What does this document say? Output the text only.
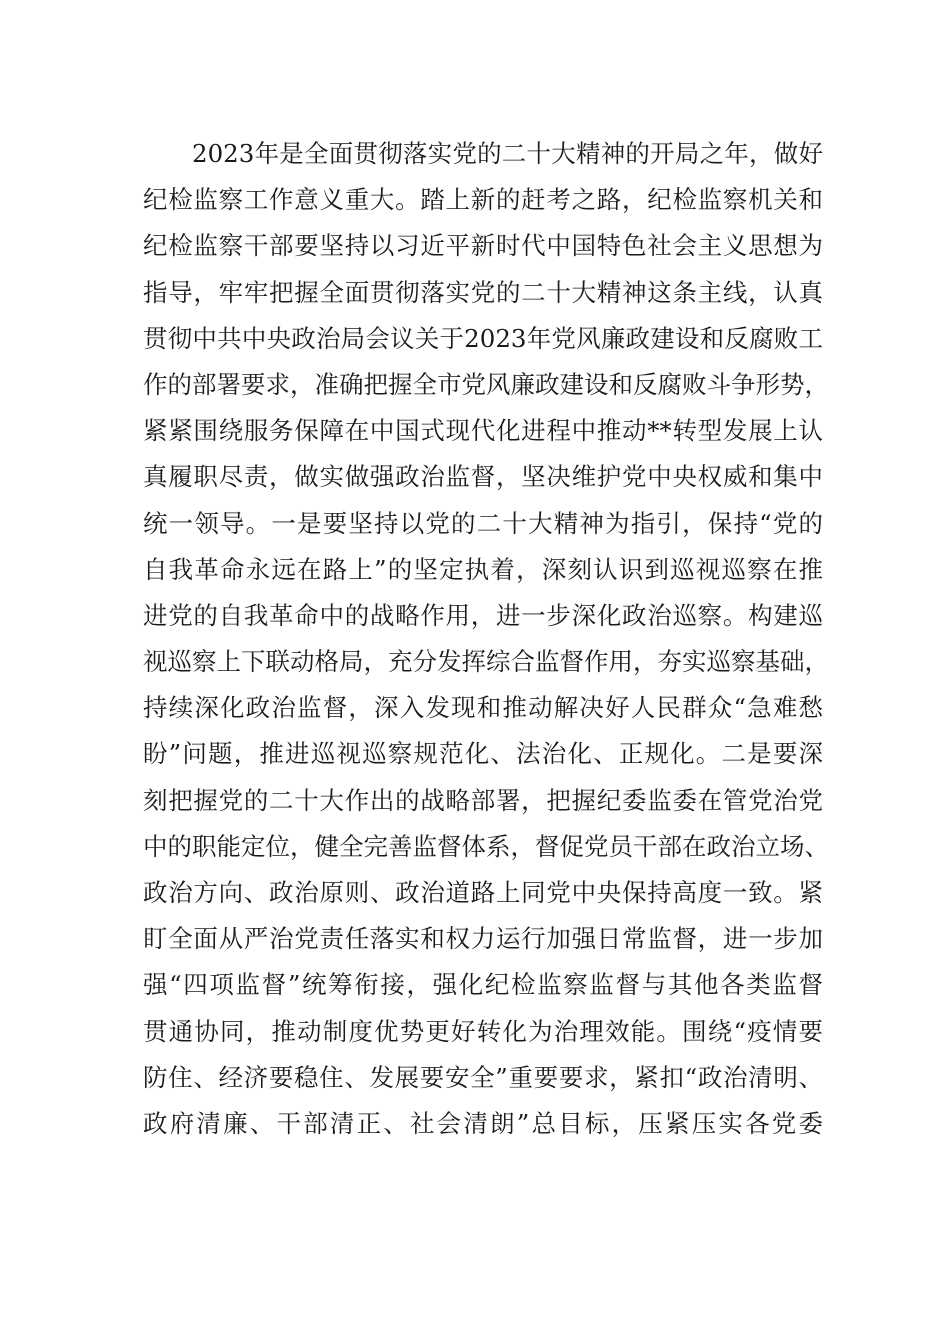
2023年是全面贯彻落实党的二十大精神的开局之年，做好
纪检监察工作意义重大。踏上新的赶考之路，纪检监察机关和
纪检监察干部要坚持以习近平新时代中国特色社会主义思想为
指导，牢牢把握全面贯彻落实党的二十大精神这条主线，认真
贯彻中共中央政治局会议关于2023年党风廉政建设和反腐败工
作的部署要求，准确把握全市党风廉政建设和反腐败斗争形势，
紧紧围绕服务保障在中国式现代化进程中推动**转型发展上认
真履职尽责，做实做强政治监督，坚决维护党中央权威和集中
统一领导。一是要坚持以党的二十大精神为指引，保持“党的
自我革命永远在路上”的坚定执着，深刻认识到巡视巡察在推
进党的自我革命中的战略作用，进一步深化政治巡察。构建巡
视巡察上下联动格局，充分发挥综合监督作用，夯实巡察基础，
持续深化政治监督，深入发现和推动解决好人民群众“急难愁
盼”问题，推进巡视巡察规范化、法治化、正规化。二是要深
刻把握党的二十大作出的战略部署，把握纪委监委在管党治党
中的职能定位，健全完善监督体系，督促党员干部在政治立场、
政治方向、政治原则、政治道路上同党中央保持高度一致。紧
盯全面从严治党责任落实和权力运行加强日常监督，进一步加
强“四项监督”统筹衔接，强化纪检监察监督与其他各类监督
贯通协同，推动制度优势更好转化为治理效能。围绕“疫情要
防住、经济要稳住、发展要安全”重要要求，紧扣“政治清明、
政府清廉、干部清正、社会清朗”总目标，压紧压实各党委
